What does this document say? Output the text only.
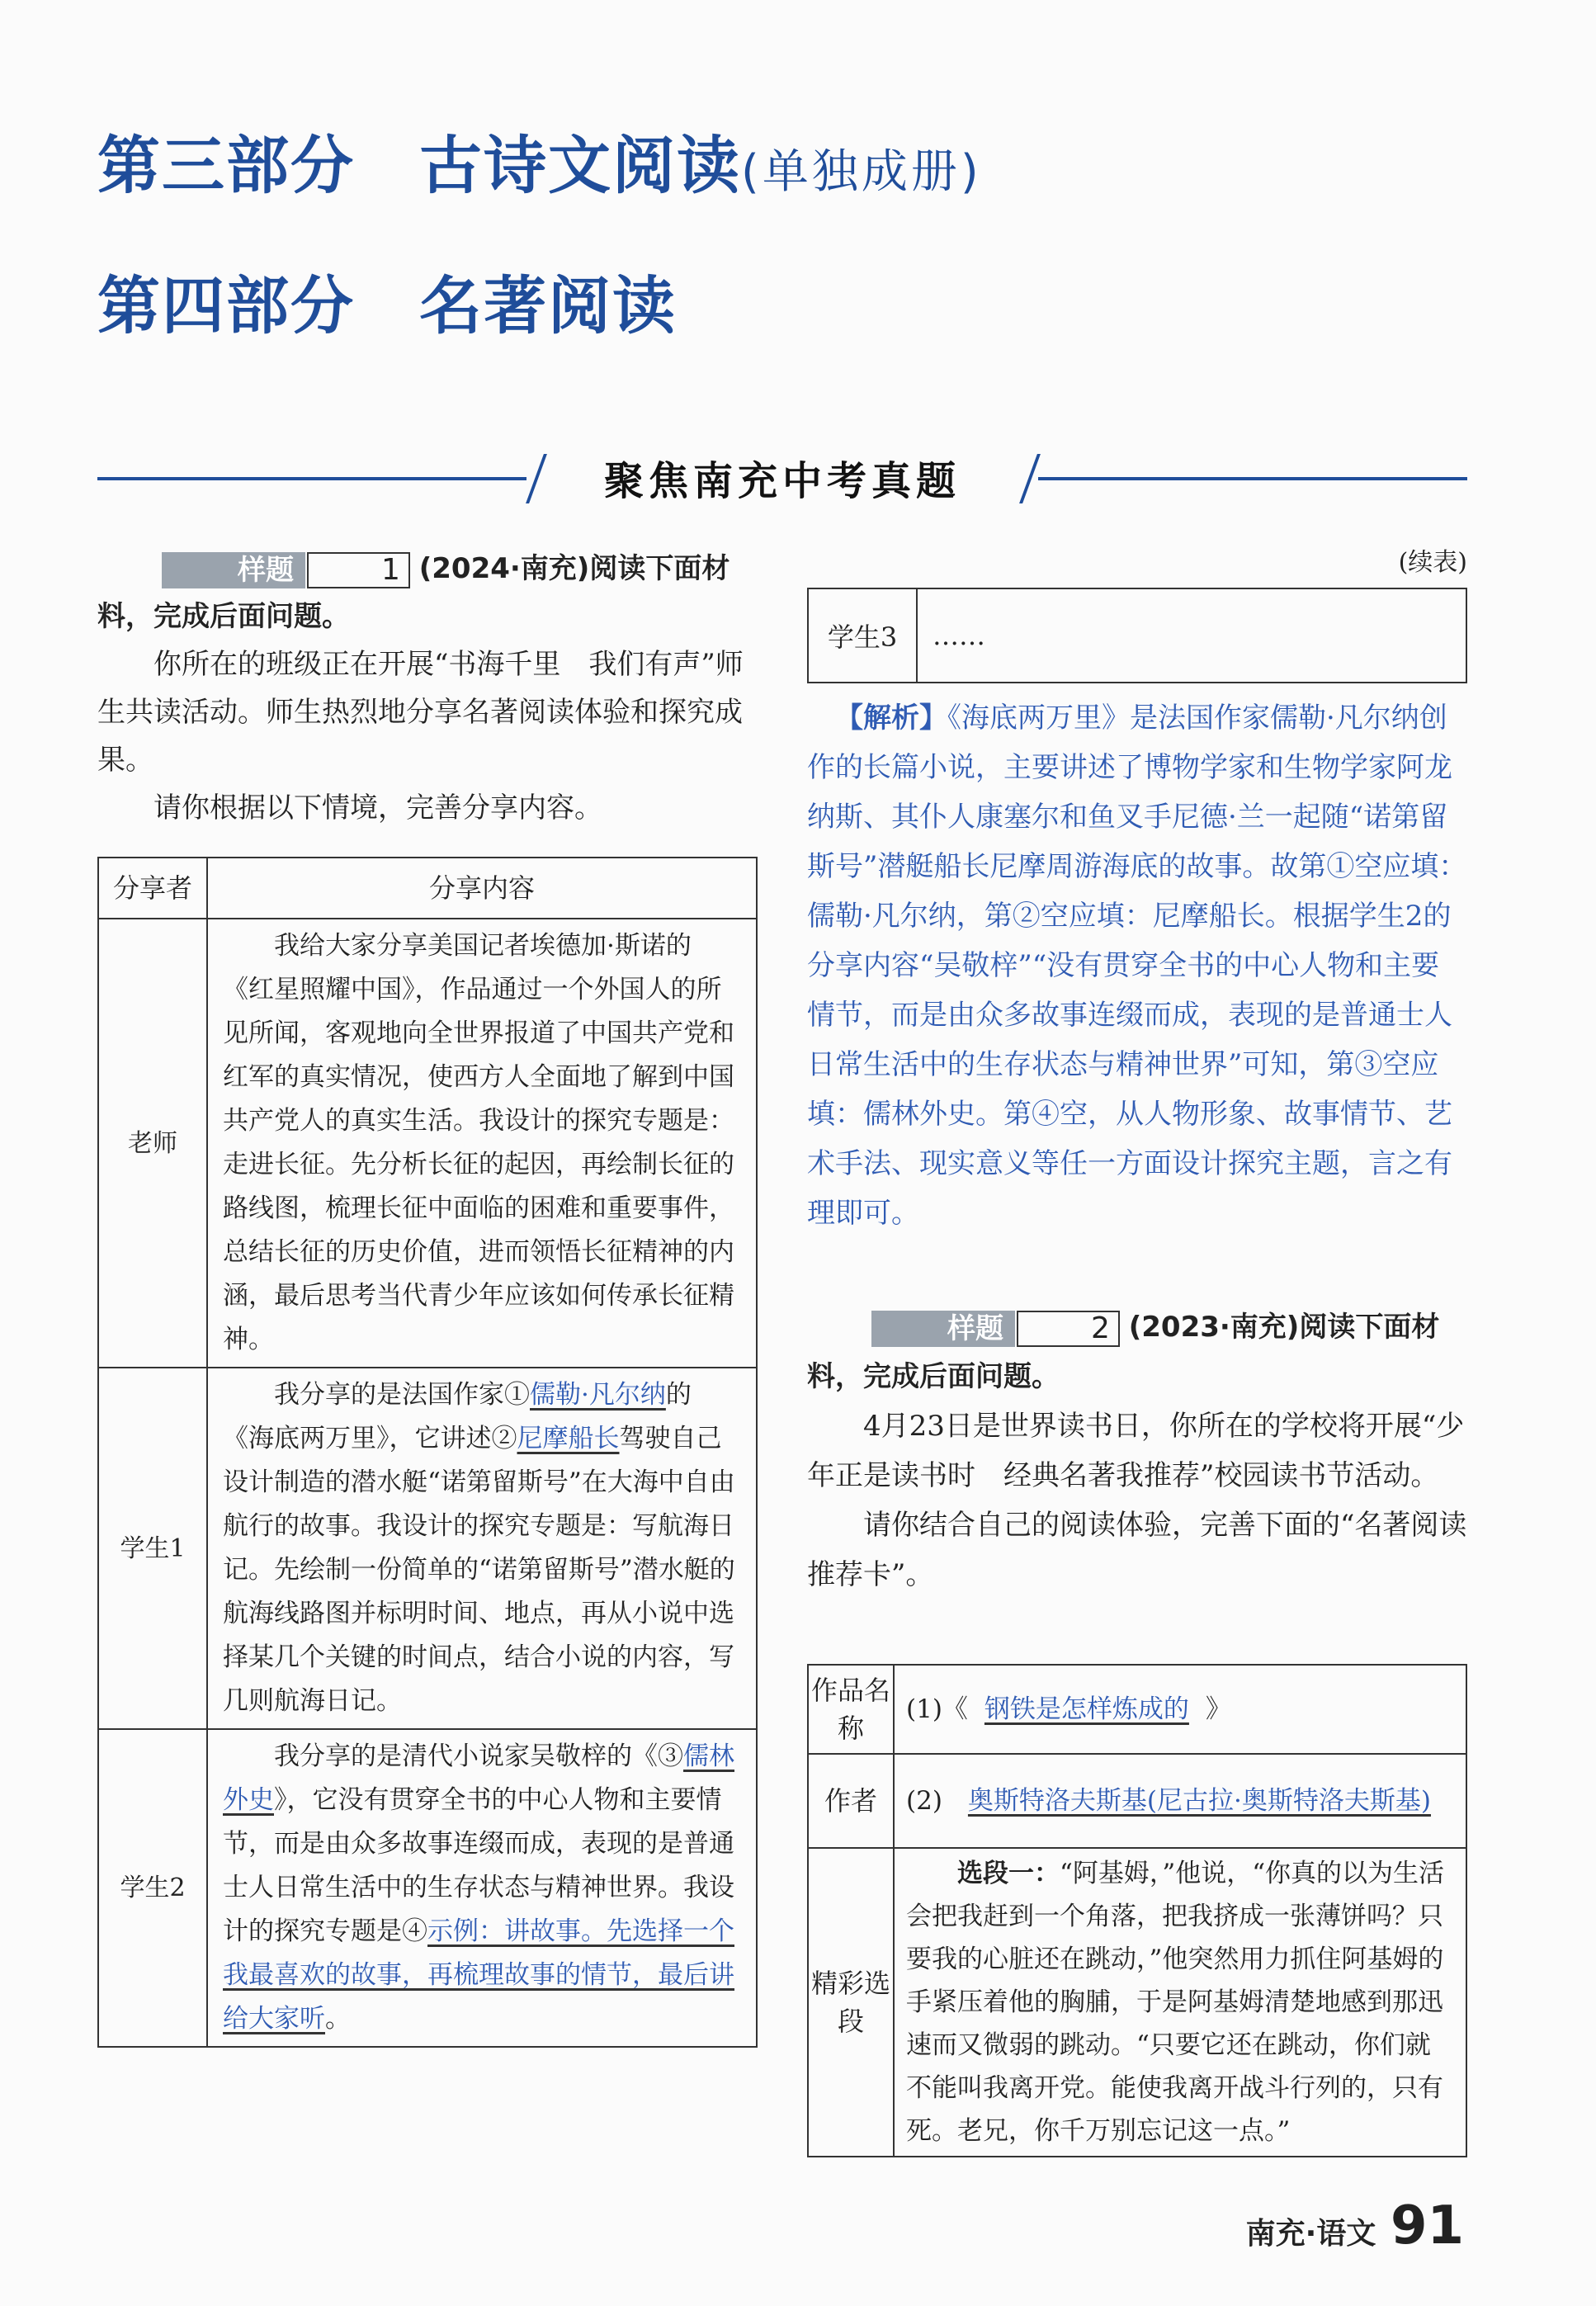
第三部分　古诗文阅读(单独成册)
第四部分　名著阅读
聚焦南充中考真题
样题	1 (2024·南充)阅读下面材料，完成后面问题。

你所在的班级正在开展“书海千里　我们有声”师生共读活动。师生热烈地分享名著阅读体验和探究成果。

请你根据以下情境，完善分享内容。

分享者	分享内容
老师	我给大家分享美国记者埃德加·斯诺的《红星照耀中国》，作品通过一个外国人的所见所闻，客观地向全世界报道了中国共产党和红军的真实情况，使西方人全面地了解到中国共产党人的真实生活。我设计的探究专题是：走进长征。先分析长征的起因，再绘制长征的路线图，梳理长征中面临的困难和重要事件，总结长征的历史价值，进而领悟长征精神的内涵，最后思考当代青少年应该如何传承长征精神。

学生1	我分享的是法国作家①儒勒·凡尔纳的《海底两万里》，它讲述②尼摩船长驾驶自己设计制造的潜水艇“诺第留斯号”在大海中自由航行的故事。我设计的探究专题是：写航海日记。先绘制一份简单的“诺第留斯号”潜水艇的航海线路图并标明时间、地点，再从小说中选择某几个关键的时间点，结合小说的内容，写几则航海日记。

学生2	我分享的是清代小说家吴敬梓的《③儒林外史》，它没有贯穿全书的中心人物和主要情节，而是由众多故事连缀而成，表现的是普通士人日常生活中的生存状态与精神世界。我设计的探究专题是④示例：讲故事。先选择一个我最喜欢的故事，再梳理故事的情节，最后讲给大家听。

(续表)
学生3	……

【解析】《海底两万里》是法国作家儒勒·凡尔纳创作的长篇小说，主要讲述了博物学家和生物学家阿龙纳斯、其仆人康塞尔和鱼叉手尼德·兰一起随“诺第留斯号”潜艇船长尼摩周游海底的故事。故第①空应填：儒勒·凡尔纳，第②空应填：尼摩船长。根据学生2的分享内容“吴敬梓”“没有贯穿全书的中心人物和主要情节，而是由众多故事连缀而成，表现的是普通士人日常生活中的生存状态与精神世界”可知，第③空应填：儒林外史。第④空，从人物形象、故事情节、艺术手法、现实意义等任一方面设计探究主题，言之有理即可。

样题	2 (2023·南充)阅读下面材料，完成后面问题。

4月23日是世界读书日，你所在的学校将开展“少年正是读书时　经典名著我推荐”校园读书节活动。

请你结合自己的阅读体验，完善下面的“名著阅读推荐卡”。

作品名称	(1)《 钢铁是怎样炼成的 》
作者	(2)　 奥斯特洛夫斯基(尼古拉·奥斯特洛夫斯基)
精彩选段	选段一：“阿基姆，”他说，“你真的以为生活会把我赶到一个角落，把我挤成一张薄饼吗？只要我的心脏还在跳动，”他突然用力抓住阿基姆的手紧压着他的胸脯，于是阿基姆清楚地感到那迅速而又微弱的跳动。“只要它还在跳动，你们就不能叫我离开党。能使我离开战斗行列的，只有死。老兄，你千万别忘记这一点。”

南充·语文 91
